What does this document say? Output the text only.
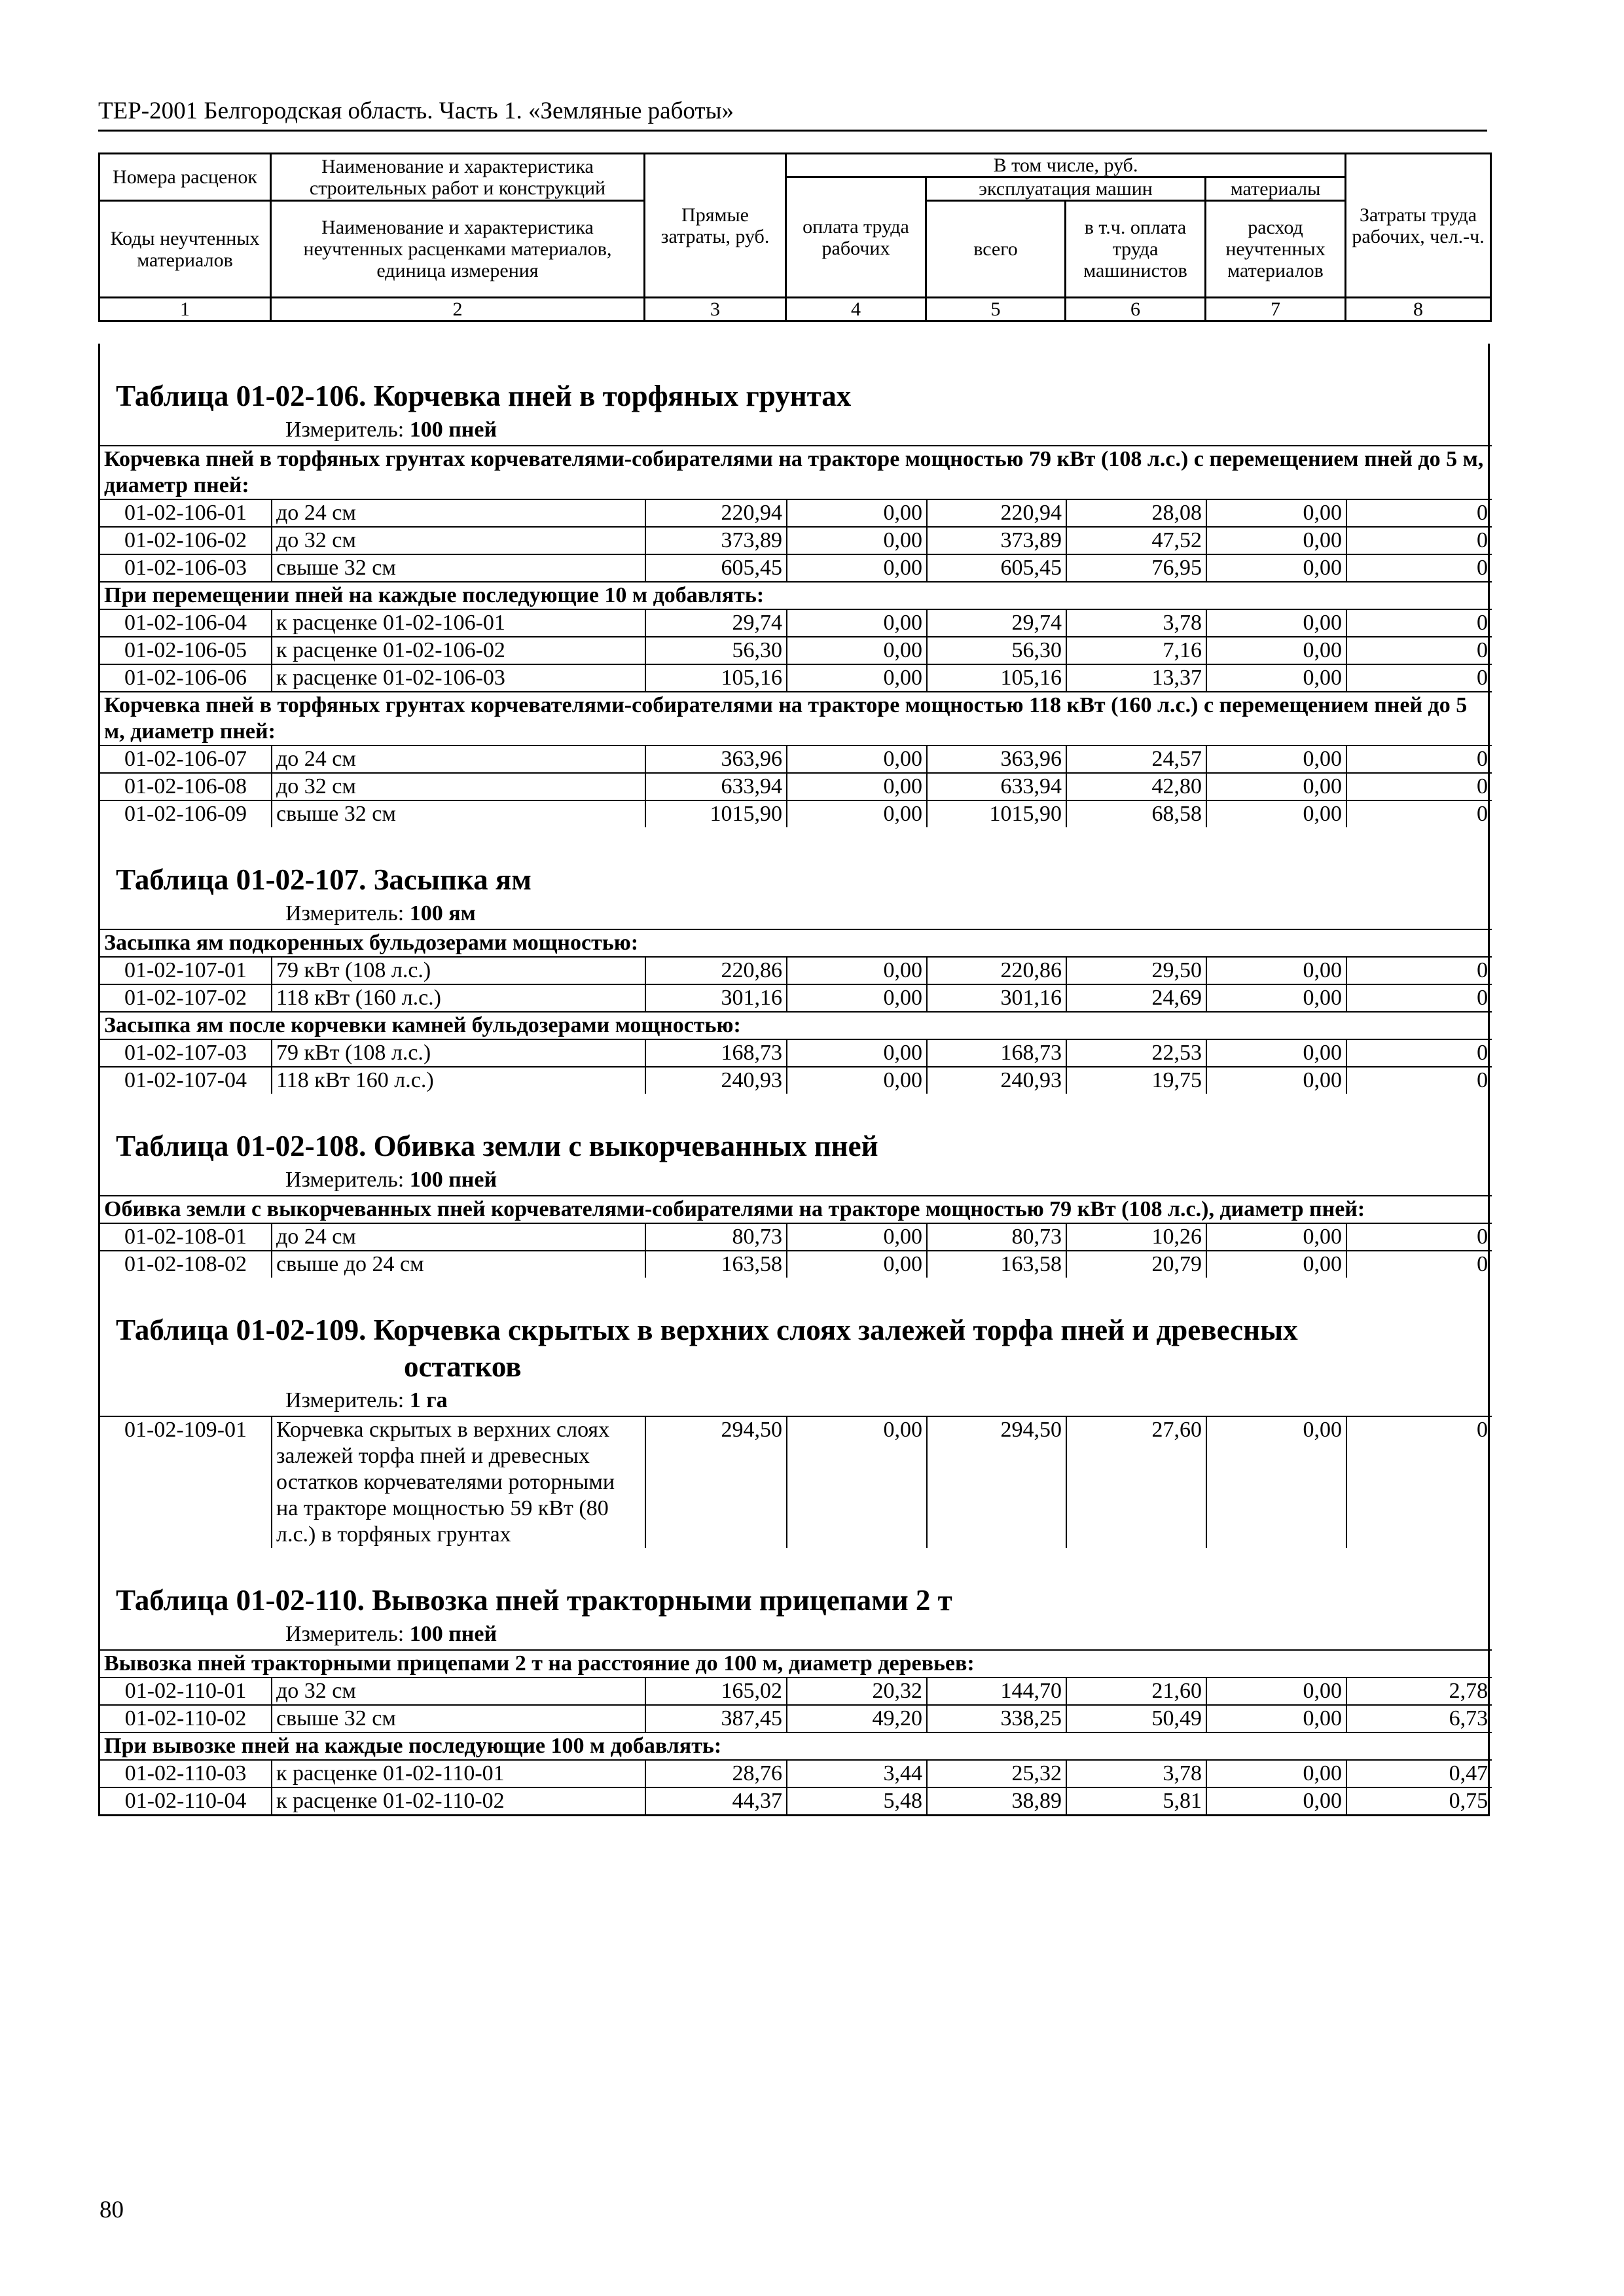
ТЕР-2001 Белгородская область. Часть 1. «Земляные работы»
Номера расценок	Наименование и характеристика строительных работ и конструкций	Прямые затраты, руб.	В том числе, руб.				Затраты труда рабочих, чел.-ч.
			оплата труда рабочих	эксплуатация машин		материалы	
Коды неучтенных материалов	Наименование и характеристика неучтенных расценками материалов, единица измерения			всего	в т.ч. оплата труда машинистов	расход неучтенных материалов	

1	2	3	4	5	6	7	8
Таблица 01-02-106. Корчевка пней в торфяных грунтах
Измеритель: 100 пней
Корчевка пней в торфяных грунтах корчевателями-собирателями на тракторе мощностью 79 кВт (108 л.с.) с перемещением пней до 5 м, диаметр пней:							
01-02-106-01	до 24 см	220,94	0,00	220,94	28,08	0,00	0
01-02-106-02	до 32 см	373,89	0,00	373,89	47,52	0,00	0
01-02-106-03	свыше 32 см	605,45	0,00	605,45	76,95	0,00	0
При перемещении пней на каждые последующие 10 м добавлять:							
01-02-106-04	к расценке 01-02-106-01	29,74	0,00	29,74	3,78	0,00	0
01-02-106-05	к расценке 01-02-106-02	56,30	0,00	56,30	7,16	0,00	0
01-02-106-06	к расценке 01-02-106-03	105,16	0,00	105,16	13,37	0,00	0
Корчевка пней в торфяных грунтах корчевателями-собирателями на тракторе мощностью 118 кВт (160 л.с.) с перемещением пней до 5 м, диаметр пней:							
01-02-106-07	до 24 см	363,96	0,00	363,96	24,57	0,00	0
01-02-106-08	до 32 см	633,94	0,00	633,94	42,80	0,00	0
01-02-106-09	свыше 32 см	1015,90	0,00	1015,90	68,58	0,00	0
Таблица 01-02-107. Засыпка ям
Измеритель: 100 ям
Засыпка ям подкоренных бульдозерами мощностью:							
01-02-107-01	79 кВт (108 л.с.)	220,86	0,00	220,86	29,50	0,00	0
01-02-107-02	118 кВт (160 л.с.)	301,16	0,00	301,16	24,69	0,00	0
Засыпка ям после корчевки камней бульдозерами мощностью:							
01-02-107-03	79 кВт (108 л.с.)	168,73	0,00	168,73	22,53	0,00	0
01-02-107-04	118 кВт 160 л.с.)	240,93	0,00	240,93	19,75	0,00	0
Таблица 01-02-108. Обивка земли с выкорчеванных пней
Измеритель: 100 пней
Обивка земли с выкорчеванных пней корчевателями-собирателями на тракторе мощностью 79 кВт (108 л.с.), диаметр пней:							
01-02-108-01	до 24 см	80,73	0,00	80,73	10,26	0,00	0
01-02-108-02	свыше до 24 см	163,58	0,00	163,58	20,79	0,00	0
Таблица 01-02-109. Корчевка скрытых в верхних слоях залежей торфа пней и древесных
остатков
Измеритель: 1 га
01-02-109-01	Корчевка скрытых в верхних слоях залежей торфа пней и древесных остатков корчевателями роторными на тракторе мощностью 59 кВт (80 л.с.) в торфяных грунтах	294,50	0,00	294,50	27,60	0,00	0
Таблица 01-02-110. Вывозка пней тракторными прицепами 2 т
Измеритель: 100 пней
Вывозка пней тракторными прицепами 2 т на расстояние до 100 м, диаметр деревьев:							
01-02-110-01	до 32 см	165,02	20,32	144,70	21,60	0,00	2,78
01-02-110-02	свыше 32 см	387,45	49,20	338,25	50,49	0,00	6,73
При вывозке пней на каждые последующие 100 м добавлять:							
01-02-110-03	к расценке 01-02-110-01	28,76	3,44	25,32	3,78	0,00	0,47
01-02-110-04	к расценке 01-02-110-02	44,37	5,48	38,89	5,81	0,00	0,75
80
